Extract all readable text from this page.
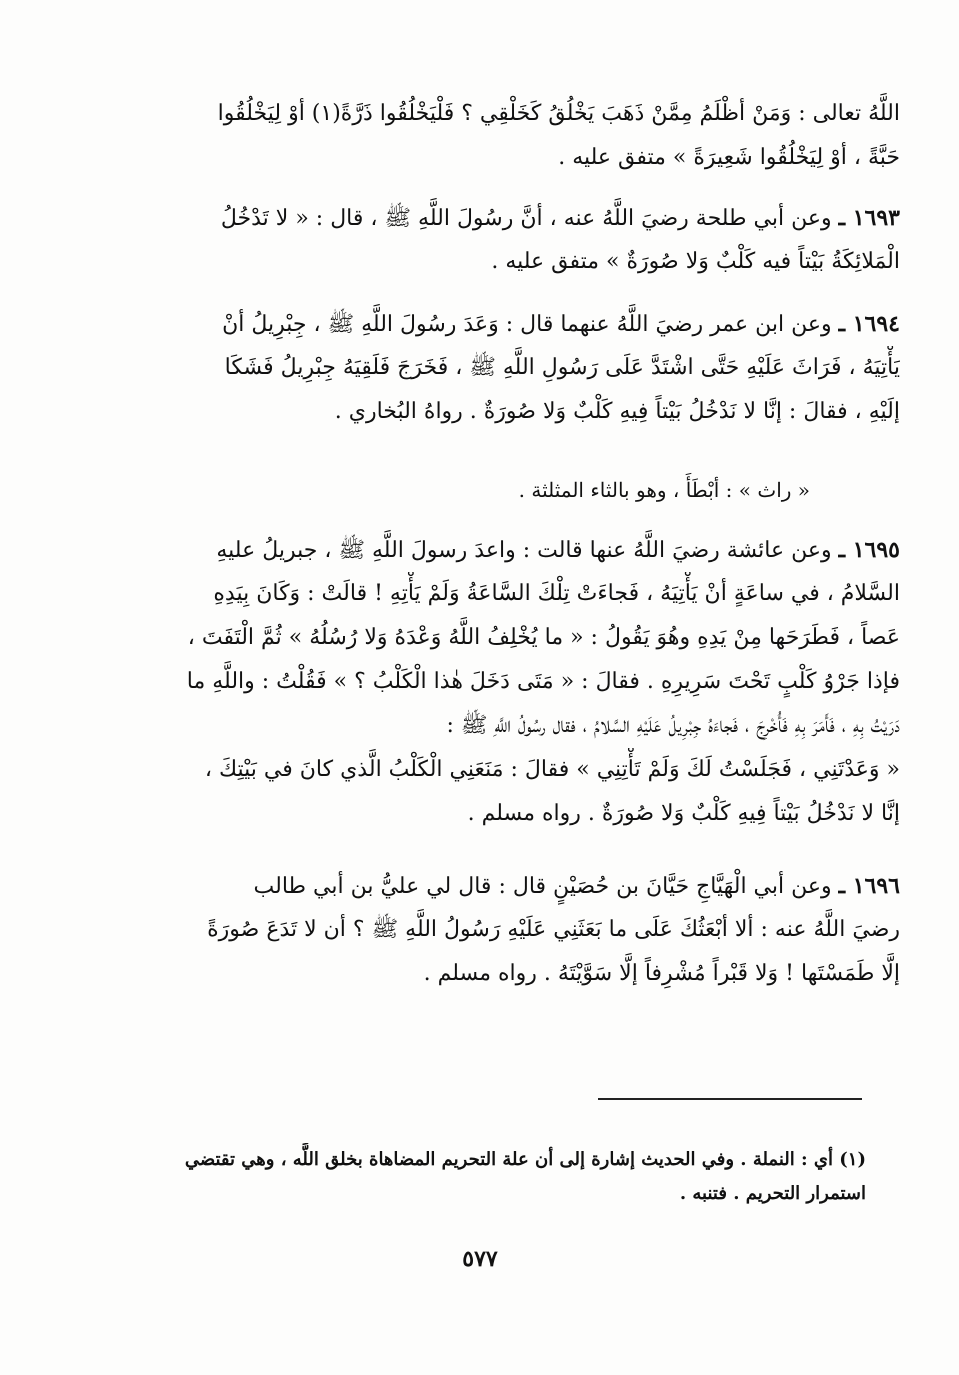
اللَّهُ تعالى : وَمَنْ أظْلَمُ مِمَّنْ ذَهَبَ يَخْلُقُ كَخَلْقِي ؟ فَلْيَخْلُقُوا ذَرَّةً(١) أوْ لِيَخْلُقُوا
حَبَّةً ، أوْ لِيَخْلُقُوا شَعِيرَةً » متفق عليه .
١٦٩٣ ـ وعن أبي طلحة رضيَ اللَّهُ عنه ، أنَّ رسُولَ اللَّهِ ﷺ ، قال : « لا تَدْخُلُ
الْمَلائِكَةُ بَيْتاً فيه كَلْبٌ وَلا صُورَةٌ » متفق عليه .
١٦٩٤ ـ وعن ابن عمر رضيَ اللَّهُ عنهما قال : وَعَدَ رسُولَ اللَّهِ ﷺ ، جِبْرِيلُ أنْ
يَأْتِيَهُ ، فَرَاثَ عَلَيْهِ حَتَّى اشْتَدَّ عَلَى رَسُولِ اللَّهِ ﷺ ، فَخَرَجَ فَلَقِيَهُ جِبْرِيلُ فَشَكَا
إلَيْهِ ، فقالَ : إنَّا لا نَدْخُلُ بَيْتاً فِيهِ كَلْبٌ وَلا صُورَةٌ . رواهُ البُخاري .
« راث » : أبْطَأَ ، وهو بالثاء المثلثة .
١٦٩٥ ـ وعن عائشة رضيَ اللَّهُ عنها قالت : واعدَ رسولَ اللَّهِ ﷺ ، جبريلُ عليهِ
السَّلامُ ، في ساعَةٍ أنْ يَأْتِيَهُ ، فَجاءَتْ تِلْكَ السَّاعَةُ وَلَمْ يَأْتِهِ ! قالَتْ : وَكَانَ بِيَدِهِ
عَصاً ، فَطَرَحَها مِنْ يَدِهِ وهُوَ يَقُولُ : « ما يُخْلِفُ اللَّهُ وَعْدَهُ وَلا رُسُلُهُ » ثُمَّ الْتَفَتَ ،
فإذا جَرْوُ كَلْبٍ تَحْتَ سَرِيرِهِ . فقالَ : « مَتَى دَخَلَ هٰذا الْكَلْبُ ؟ » فَقُلْتُ : واللَّهِ ما
دَرَيْتُ بِهِ ، فَأَمَرَ بِهِ فَأُخْرِجَ ، فَجاءَهُ جِبْرِيلُ عَلَيْهِ السَّلامُ ، فقال رسُولُ اللَّهِ ﷺ :
« وَعَدْتَنِي ، فَجَلَسْتُ لَكَ وَلَمْ تَأْتِنِي » فقالَ : مَنَعَنِي الْكَلْبُ الَّذي كانَ في بَيْتِكَ ،
إنَّا لا نَدْخُلُ بَيْتاً فِيهِ كَلْبٌ وَلا صُورَةٌ . رواه مسلم .
١٦٩٦ ـ وعن أبي الْهَيَّاجِ حَيَّانَ بن حُصَيْنٍ قال : قال لي عليُّ بن أبي طالب
رضيَ اللَّهُ عنه : ألا أبْعَثُكَ عَلَى ما بَعَثَنِي عَلَيْهِ رَسُولُ اللَّهِ ﷺ ؟ أن لا تَدَعَ صُورَةً
إلَّا طَمَسْتَها ! وَلا قَبْراً مُشْرِفاً إلَّا سَوَّيْتَهُ . رواه مسلم .
(١) أي : النملة . وفي الحديث إشارة إلى أن علة التحريم المضاهاة بخلق اللَّه ، وهي تقتضي
استمرار التحريم . فتنبه .
٥٧٧
